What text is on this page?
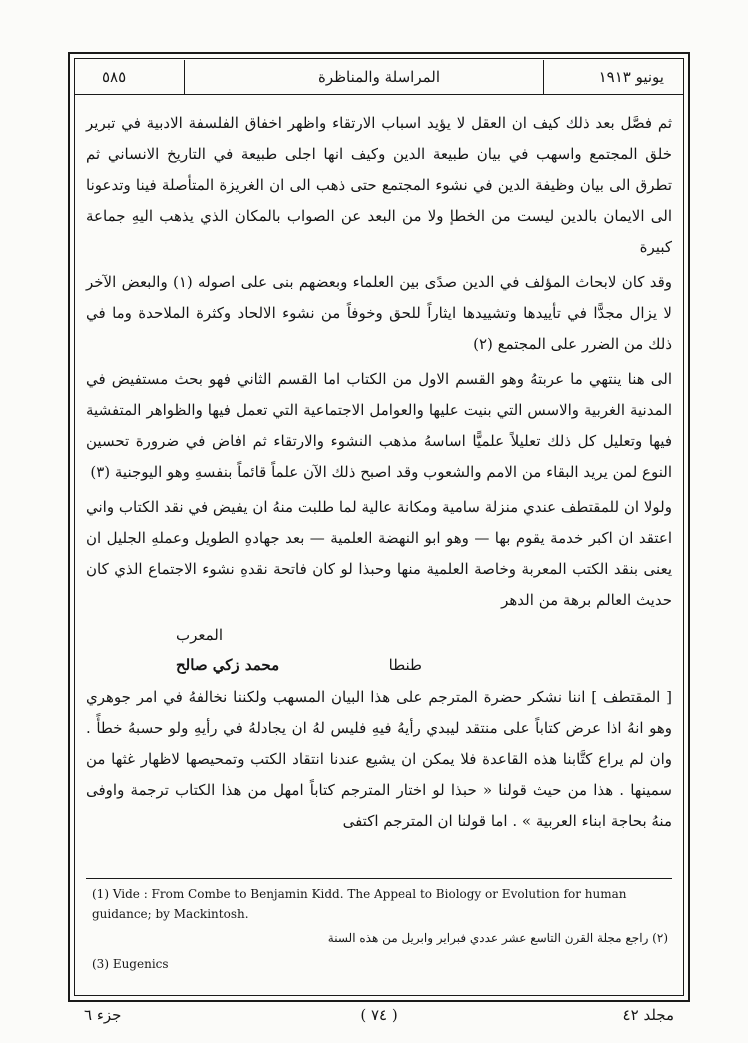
يونيو ١٩١٣
المراسلة والمناظرة
٥٨٥

ثم فصَّل بعد ذلك كيف ان العقل لا يؤيد اسباب الارتقاء واظهر اخفاق الفلسفة الادبية في تبرير خلق المجتمع واسهب في بيان طبيعة الدين وكيف انها اجلى طبيعة في التاريخ الانساني ثم تطرق الى بيان وظيفة الدين في نشوء المجتمع حتى ذهب الى ان الغريزة المتأصلة فينا وتدعونا الى الايمان بالدين ليست من الخطإ ولا من البعد عن الصواب بالمكان الذي يذهب اليهِ جماعة كبيرة

وقد كان لابحاث المؤلف في الدين صدًى بين العلماء وبعضهم بنى على اصوله (١) والبعض الآخر لا يزال مجدًّا في تأييدها وتشييدها ايثاراً للحق وخوفاً من نشوء الالحاد وكثرة الملاحدة وما في ذلك من الضرر على المجتمع (٢)

الى هنا ينتهي ما عربتهُ وهو القسم الاول من الكتاب اما القسم الثاني فهو بحث مستفيض في المدنية الغربية والاسس التي بنيت عليها والعوامل الاجتماعية التي تعمل فيها والظواهر المتفشية فيها وتعليل كل ذلك تعليلاً علميًّا اساسهُ مذهب النشوء والارتقاء ثم افاض في ضرورة تحسين النوع لمن يريد البقاء من الامم والشعوب وقد اصبح ذلك الآن علماً قائماً بنفسهِ وهو اليوجنية (٣)

ولولا ان للمقتطف عندي منزلة سامية ومكانة عالية لما طلبت منهُ ان يفيض في نقد الكتاب واني اعتقد ان اكبر خدمة يقوم بها — وهو ابو النهضة العلمية — بعد جهادهِ الطويل وعملهِ الجليل ان يعنى بنقد الكتب المعربة وخاصة العلمية منها وحبذا لو كان فاتحة نقدهِ نشوء الاجتماع الذي كان حديث العالم برهة من الدهر

المعرب
طنطا
محمد زكي صالح

[ المقتطف ] اننا نشكر حضرة المترجم على هذا البيان المسهب ولكننا نخالفهُ في امر جوهري وهو انهُ اذا عرض كتاباً على منتقد ليبدي رأيهُ فيهِ فليس لهُ ان يجادلهُ في رأيهِ ولو حسبهُ خطأً . وان لم يراع كتَّابنا هذه القاعدة فلا يمكن ان يشيع عندنا انتقاد الكتب وتمحيصها لاظهار غثها من سمينها . هذا من حيث قولنا « حبذا لو اختار المترجم كتاباً امهل من هذا الكتاب ترجمة واوفى منهُ بحاجة ابناء العربية » . اما قولنا ان المترجم اكتفى

(1) Vide : From Combe to Benjamin Kidd. The Appeal to Biology or Evolution for human guidance; by Mackintosh.
(٢) راجع مجلة القرن التاسع عشر عددي فبراير وابريل من هذه السنة
(3) Eugenics
مجلد ٤٢
( ٧٤ )
جزء ٦
